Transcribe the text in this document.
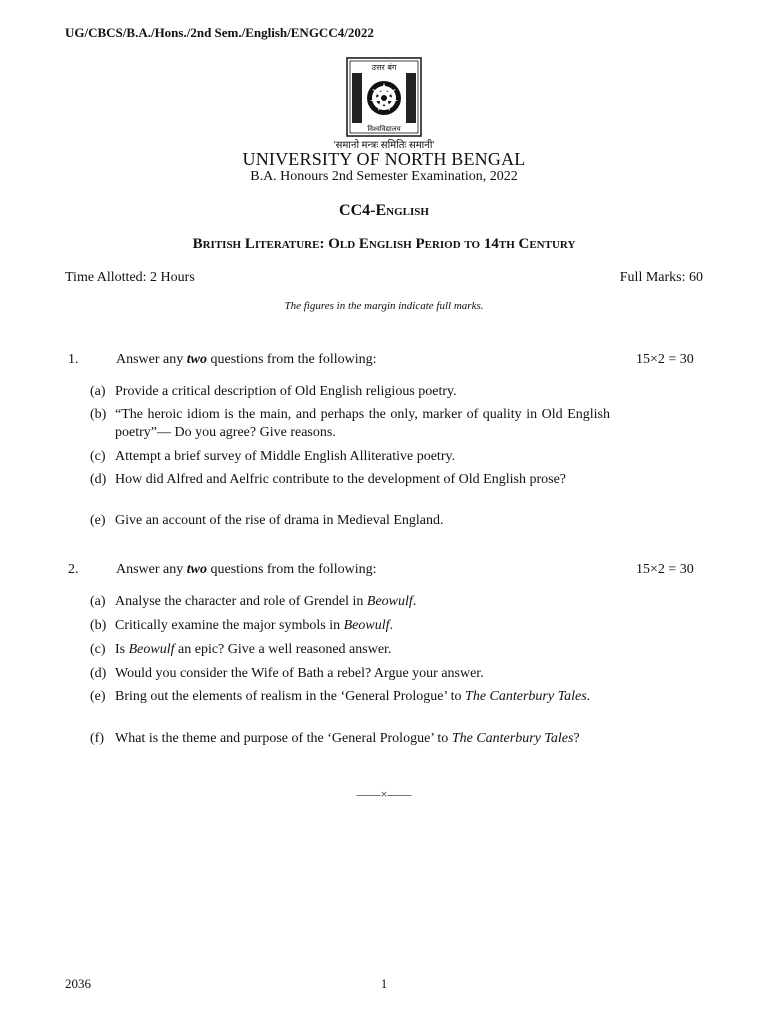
UG/CBCS/B.A./Hons./2nd Sem./English/ENGCC4/2022
उत्तर बंग
विश्वविद्यालय
'समानो मन्त्रः समितिः समानी'
UNIVERSITY OF NORTH BENGAL
B.A. Honours 2nd Semester Examination, 2022
CC4-English
British Literature: Old English Period to 14th Century
Time Allotted: 2 Hours	Full Marks: 60
The figures in the margin indicate full marks.
1.	Answer any two questions from the following:	15×2 = 30
(a) Provide a critical description of Old English religious poetry.
(b) “The heroic idiom is the main, and perhaps the only, marker of quality in Old English poetry”— Do you agree? Give reasons.
(c) Attempt a brief survey of Middle English Alliterative poetry.
(d) How did Alfred and Aelfric contribute to the development of Old English prose?
(e) Give an account of the rise of drama in Medieval England.
2.	Answer any two questions from the following:	15×2 = 30
(a) Analyse the character and role of Grendel in Beowulf.
(b) Critically examine the major symbols in Beowulf.
(c) Is Beowulf an epic? Give a well reasoned answer.
(d) Would you consider the Wife of Bath a rebel? Argue your answer.
(e) Bring out the elements of realism in the ‘General Prologue’ to The Canterbury Tales.
(f) What is the theme and purpose of the ‘General Prologue’ to The Canterbury Tales?
——×——
2036	1
